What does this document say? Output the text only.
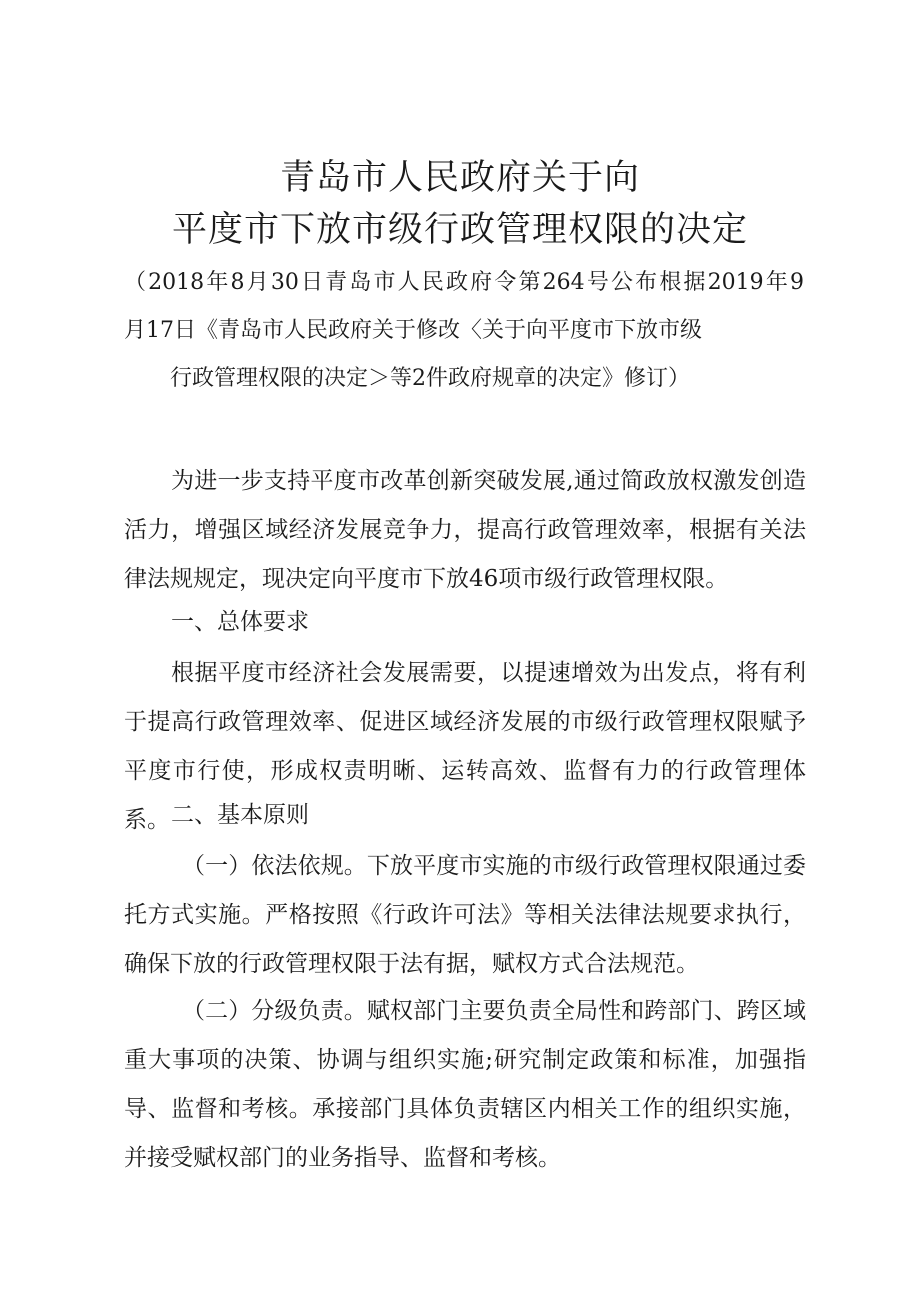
青岛市人民政府关于向
平度市下放市级行政管理权限的决定

（2018年8月30日青岛市人民政府令第264号公布根据2019年9

月17日《青岛市人民政府关于修改〈关于向平度市下放市级

行政管理权限的决定＞等2件政府规章的决定》修订）

为进一步支持平度市改革创新突破发展,通过简政放权激发创造活力，增强区域经济发展竞争力，提高行政管理效率，根据有关法律法规规定，现决定向平度市下放46项市级行政管理权限。

一、总体要求

根据平度市经济社会发展需要，以提速增效为出发点，将有利于提高行政管理效率、促进区域经济发展的市级行政管理权限赋予平度市行使，形成权责明晰、运转高效、监督有力的行政管理体系。 二、基本原则

（一）依法依规。下放平度市实施的市级行政管理权限通过委托方式实施。严格按照《行政许可法》等相关法律法规要求执行，确保下放的行政管理权限于法有据，赋权方式合法规范。

（二）分级负责。赋权部门主要负责全局性和跨部门、跨区域重大事项的决策、协调与组织实施;研究制定政策和标准，加强指导、监督和考核。承接部门具体负责辖区内相关工作的组织实施，并接受赋权部门的业务指导、监督和考核。
